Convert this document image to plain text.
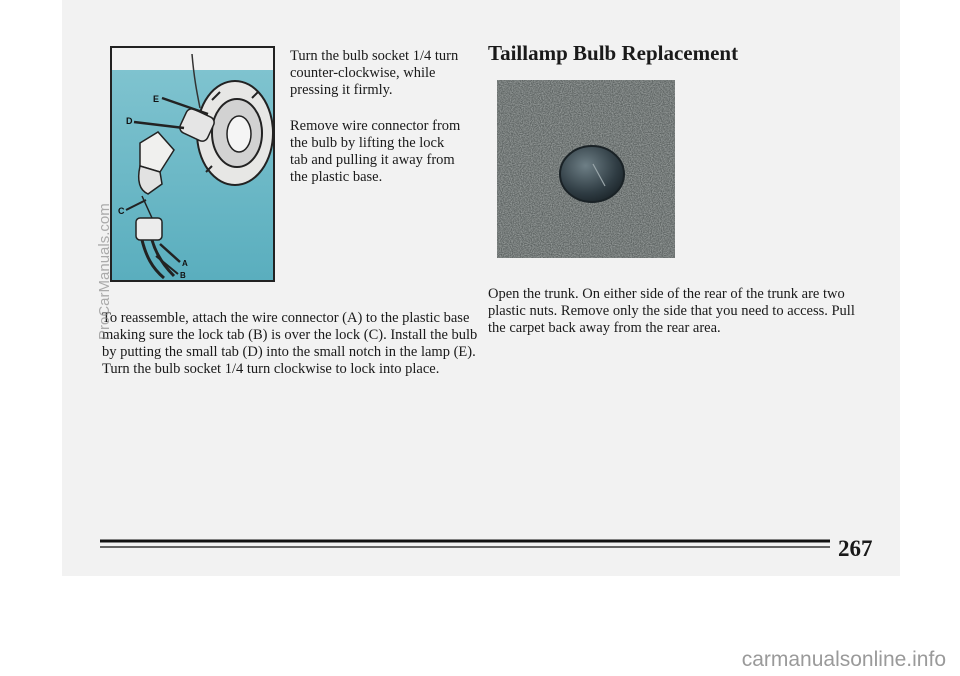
E
D
C
A
B

Turn the bulb socket 1/4 turn counter-clockwise, while pressing it firmly.

Remove wire connector from the bulb by lifting the lock tab and pulling it away from the plastic base.

To reassemble, attach the wire connector (A) to the plastic base making sure the lock tab (B) is over the lock (C). Install the bulb by putting the small tab (D) into the small notch in the lamp (E). Turn the bulb socket 1/4 turn clockwise to lock into place.

Taillamp Bulb Replacement

Open the trunk. On either side of the rear of the trunk are two plastic nuts. Remove only the side that you need to access. Pull the carpet back away from the rear area.

267

ProCarManuals.com

carmanualsonline.info
